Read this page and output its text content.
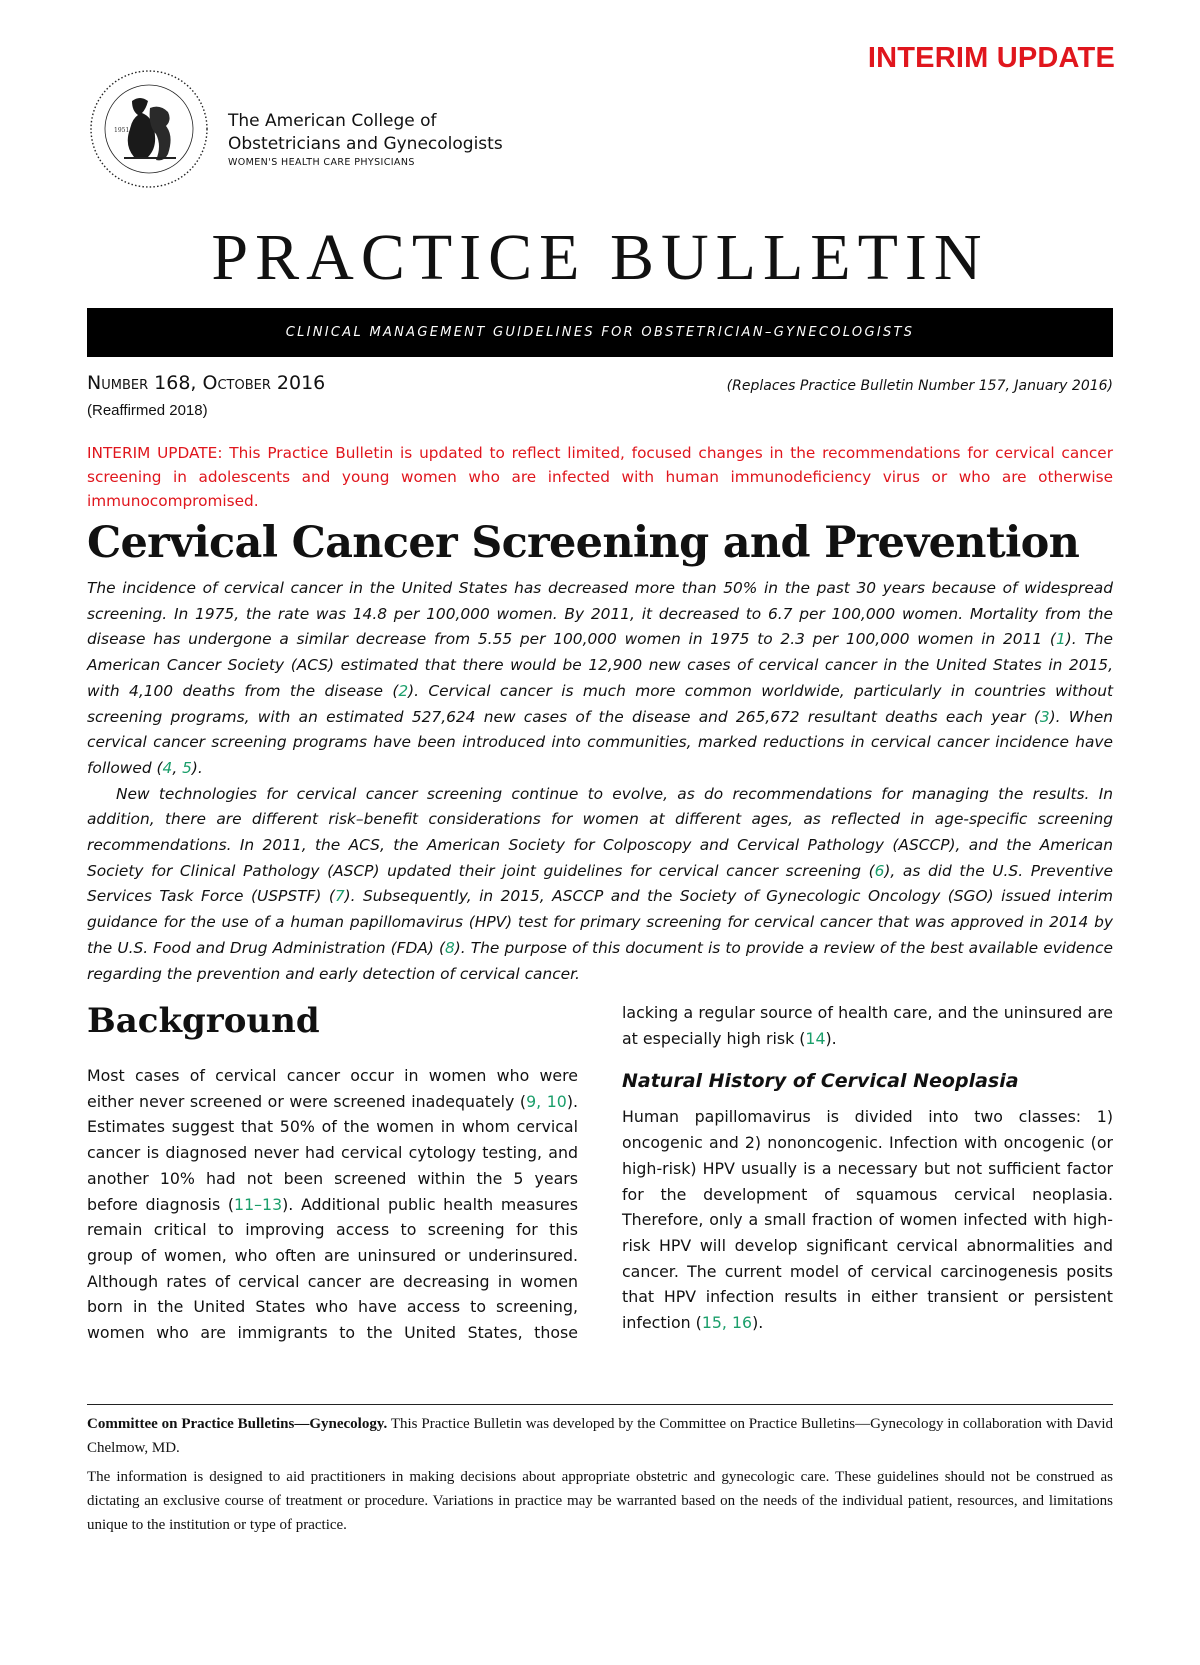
INTERIM UPDATE
1951	The American College of
Obstetricians and Gynecologists
WOMEN'S HEALTH CARE PHYSICIANS
PRACTICE BULLETIN
CLINICAL MANAGEMENT GUIDELINES FOR OBSTETRICIAN–GYNECOLOGISTS
Number 168, October 2016
(Reaffirmed 2018)
(Replaces Practice Bulletin Number 157, January 2016)
INTERIM UPDATE: This Practice Bulletin is updated to reflect limited, focused changes in the recommendations for cervical cancer screening in adolescents and young women who are infected with human immunodeficiency virus or who are otherwise immunocompromised.
Cervical Cancer Screening and Prevention

The incidence of cervical cancer in the United States has decreased more than 50% in the past 30 years because of widespread screening. In 1975, the rate was 14.8 per 100,000 women. By 2011, it decreased to 6.7 per 100,000 women. Mortality from the disease has undergone a similar decrease from 5.55 per 100,000 women in 1975 to 2.3 per 100,000 women in 2011 (1). The American Cancer Society (ACS) estimated that there would be 12,900 new cases of cervical cancer in the United States in 2015, with 4,100 deaths from the disease (2). Cervical cancer is much more common worldwide, particularly in countries without screening programs, with an estimated 527,624 new cases of the disease and 265,672 resultant deaths each year (3). When cervical cancer screening programs have been introduced into communities, marked reductions in cervical cancer incidence have followed (4, 5).

New technologies for cervical cancer screening continue to evolve, as do recommendations for managing the results. In addition, there are different risk–benefit considerations for women at different ages, as reflected in age-specific screening recommendations. In 2011, the ACS, the American Society for Colposcopy and Cervical Pathology (ASCCP), and the American Society for Clinical Pathology (ASCP) updated their joint guidelines for cervical cancer screening (6), as did the U.S. Preventive Services Task Force (USPSTF) (7). Subsequently, in 2015, ASCCP and the Society of Gynecologic Oncology (SGO) issued interim guidance for the use of a human papillomavirus (HPV) test for primary screening for cervical cancer that was approved in 2014 by the U.S. Food and Drug Administration (FDA) (8). The purpose of this document is to provide a review of the best available evidence regarding the prevention and early detection of cervical cancer.

Committee on Practice Bulletins—Gynecology. This Practice Bulletin was developed by the Committee on Practice Bulletins—Gynecology in collaboration with David Chelmow, MD.

The information is designed to aid practitioners in making decisions about appropriate obstetric and gynecologic care. These guidelines should not be construed as dictating an exclusive course of treatment or procedure. Variations in practice may be warranted based on the needs of the individual patient, resources, and limitations unique to the institution or type of practice.

Background

Most cases of cervical cancer occur in women who were either never screened or were screened inadequately (9, 10). Estimates suggest that 50% of the women in whom cervical cancer is diagnosed never had cervical cytology testing, and another 10% had not been screened within the 5 years before diagnosis (11–13). Additional public health measures remain critical to improving access to screening for this group of women, who often are uninsured or underinsured. Although rates of cervical cancer are decreasing in women born in the United States who have access to screening, women who are immigrants to the United States, those lacking a regular source of health care, and the uninsured are at especially high risk (14).

Natural History of Cervical Neoplasia

Human papillomavirus is divided into two classes: 1) oncogenic and 2) nononcogenic. Infection with oncogenic (or high-risk) HPV usually is a necessary but not sufficient factor for the development of squamous cervical neoplasia. Therefore, only a small fraction of women infected with high-risk HPV will develop significant cervical abnormalities and cancer. The current model of cervical carcinogenesis posits that HPV infection results in either transient or persistent infection (15, 16).
